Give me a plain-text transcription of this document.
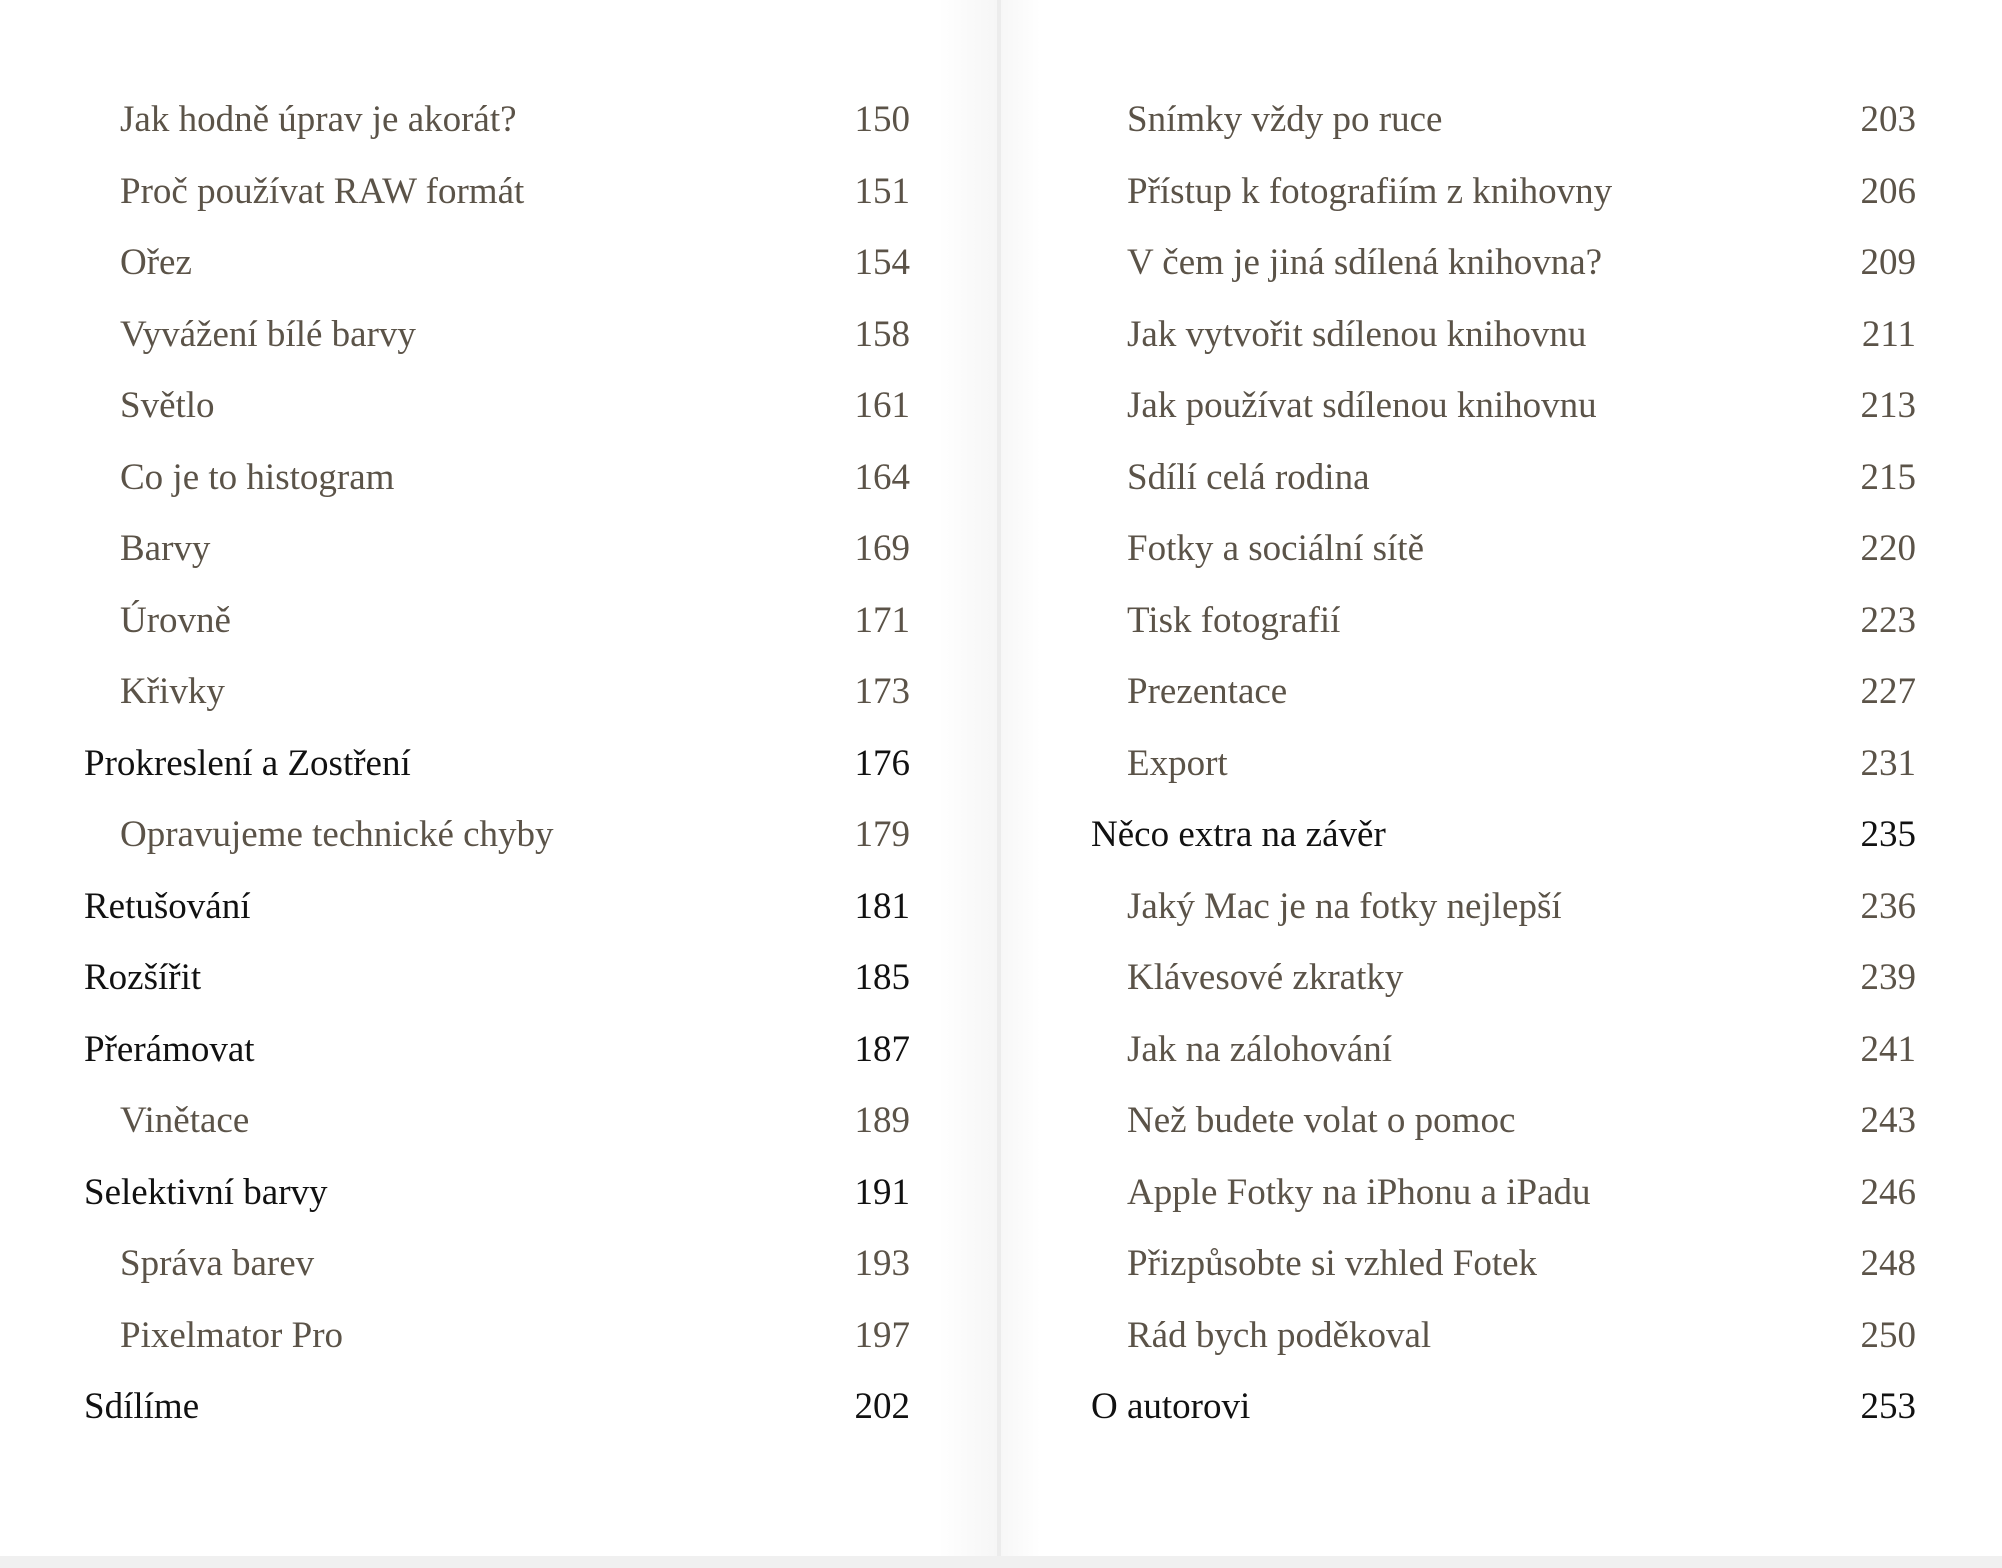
Jak hodně úprav je akorát?	150
Proč používat RAW formát	151
Ořez	154
Vyvážení bílé barvy	158
Světlo	161
Co je to histogram	164
Barvy	169
Úrovně	171
Křivky	173
Prokreslení a Zostření	176
Opravujeme technické chyby	179
Retušování	181
Rozšířit	185
Přerámovat	187
Vinětace	189
Selektivní barvy	191
Správa barev	193
Pixelmator Pro	197
Sdílíme	202
Snímky vždy po ruce	203
Přístup k fotografiím z knihovny	206
V čem je jiná sdílená knihovna?	209
Jak vytvořit sdílenou knihovnu	211
Jak používat sdílenou knihovnu	213
Sdílí celá rodina	215
Fotky a sociální sítě	220
Tisk fotografií	223
Prezentace	227
Export	231
Něco extra na závěr	235
Jaký Mac je na fotky nejlepší	236
Klávesové zkratky	239
Jak na zálohování	241
Než budete volat o pomoc	243
Apple Fotky na iPhonu a iPadu	246
Přizpůsobte si vzhled Fotek	248
Rád bych poděkoval	250
O autorovi	253
